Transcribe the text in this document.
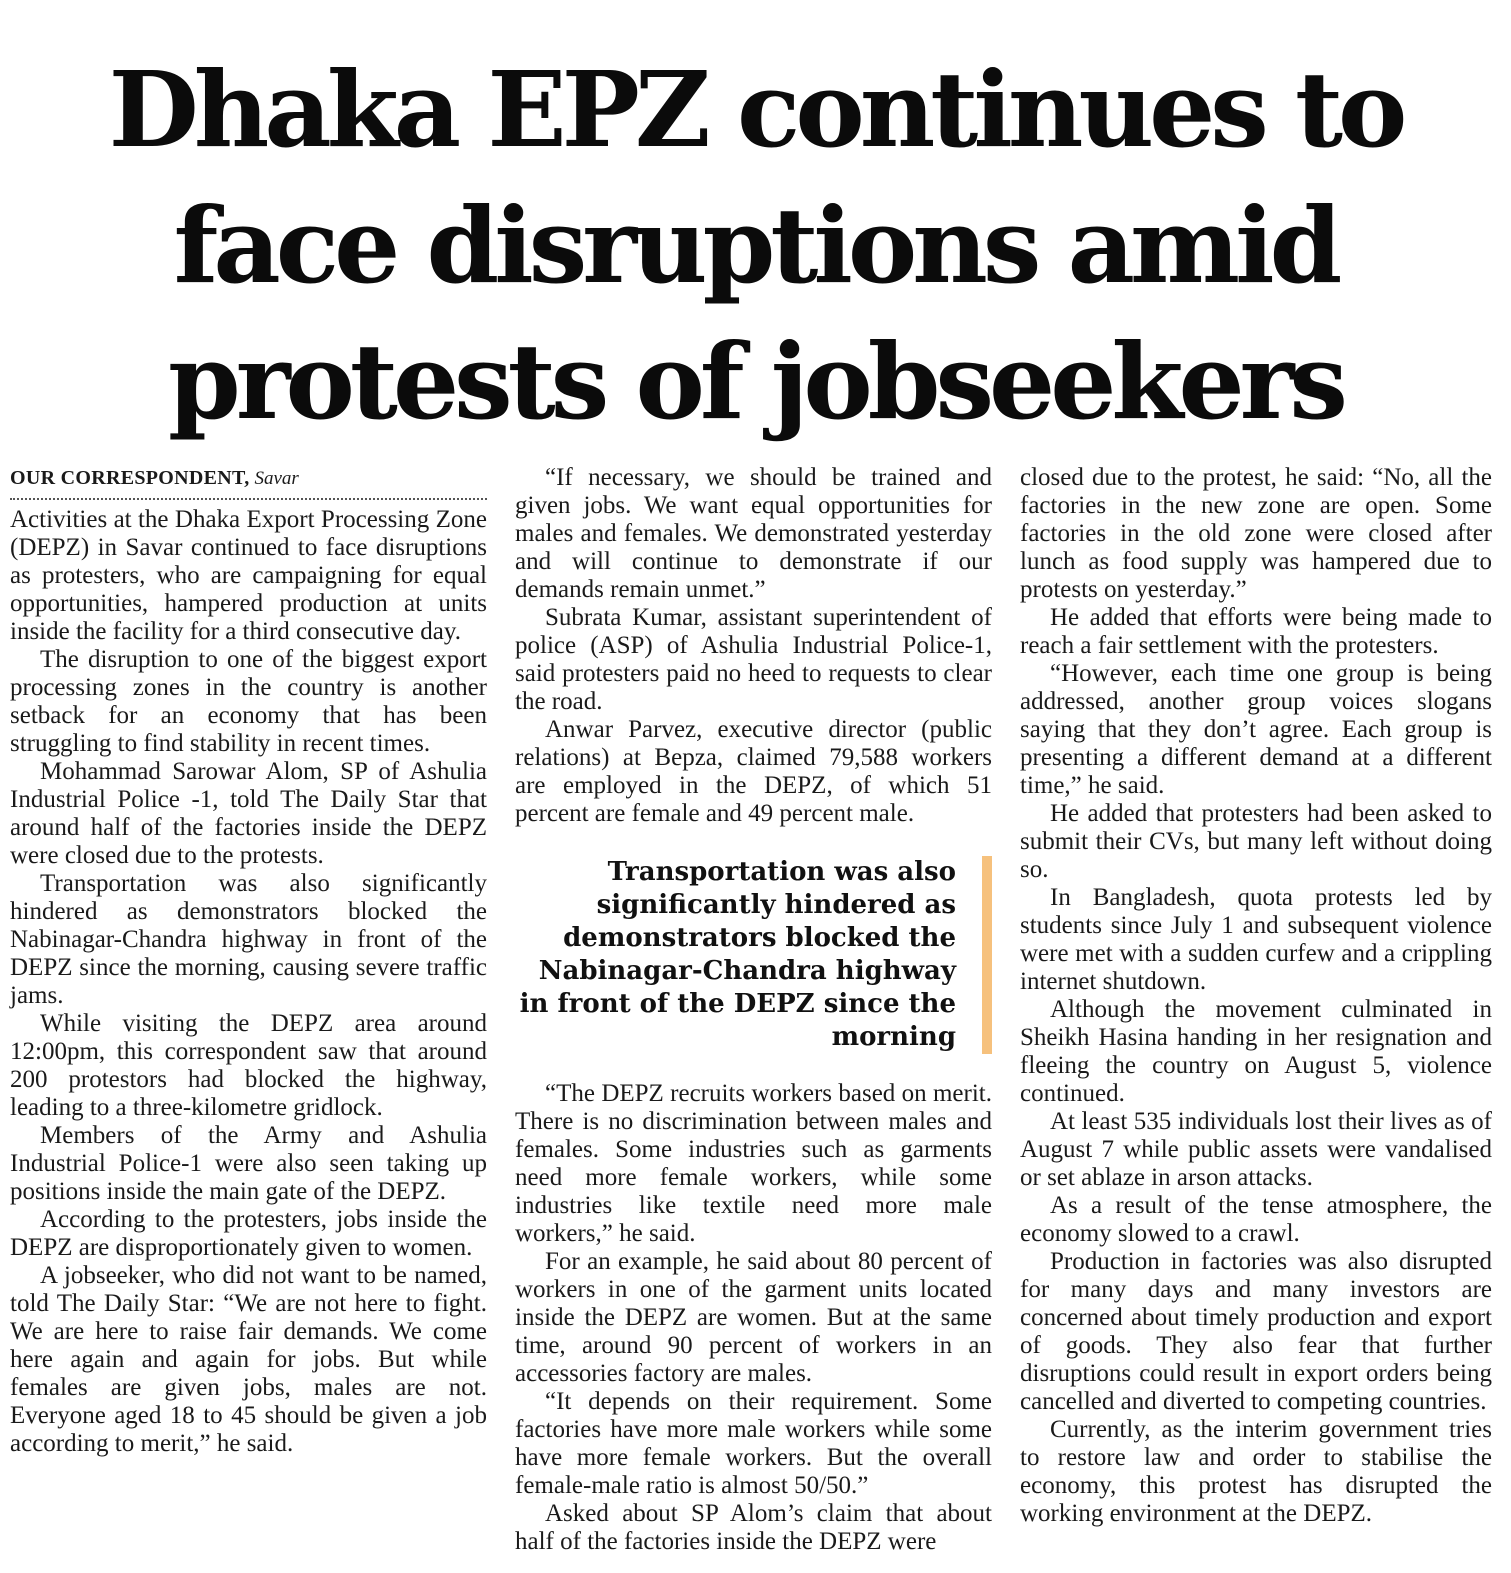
Dhaka EPZ continues to face disruptions amid protests of jobseekers
OUR CORRESPONDENT, Savar

Activities at the Dhaka Export Processing Zone (DEPZ) in Savar continued to face disruptions as protesters, who are campaigning for equal opportunities, hampered production at units inside the facility for a third consecutive day.

The disruption to one of the biggest export processing zones in the country is another setback for an economy that has been struggling to find stability in recent times.

Mohammad Sarowar Alom, SP of Ashulia Industrial Police -1, told The Daily Star that around half of the factories inside the DEPZ were closed due to the protests.

Transportation was also significantly hindered as demonstrators blocked the Nabinagar-Chandra highway in front of the DEPZ since the morning, causing severe traffic jams.

While visiting the DEPZ area around 12:00pm, this correspondent saw that around 200 protestors had blocked the highway, leading to a three-kilometre gridlock.

Members of the Army and Ashulia Industrial Police-1 were also seen taking up positions inside the main gate of the DEPZ.

According to the protesters, jobs inside the DEPZ are disproportionately given to women.

A jobseeker, who did not want to be named, told The Daily Star: “We are not here to fight. We are here to raise fair demands. We come here again and again for jobs. But while females are given jobs, males are not. Everyone aged 18 to 45 should be given a job according to merit,” he said.

“If necessary, we should be trained and given jobs. We want equal opportunities for males and females. We demonstrated yesterday and will continue to demonstrate if our demands remain unmet.”

Subrata Kumar, assistant superintendent of police (ASP) of Ashulia Industrial Police-1, said protesters paid no heed to requests to clear the road.

Anwar Parvez, executive director (public relations) at Bepza, claimed 79,588 workers are employed in the DEPZ, of which 51 percent are female and 49 percent male.

Transportation was also significantly hindered as demonstrators blocked the Nabinagar-Chandra highway in front of the DEPZ since the morning

“The DEPZ recruits workers based on merit. There is no discrimination between males and females. Some industries such as garments need more female workers, while some industries like textile need more male workers,” he said.

For an example, he said about 80 percent of workers in one of the garment units located inside the DEPZ are women. But at the same time, around 90 percent of workers in an accessories factory are males.

“It depends on their requirement. Some factories have more male workers while some have more female workers. But the overall female-male ratio is almost 50/50.”

Asked about SP Alom’s claim that about half of the factories inside the DEPZ were

closed due to the protest, he said: “No, all the factories in the new zone are open. Some factories in the old zone were closed after lunch as food supply was hampered due to protests on yesterday.”

He added that efforts were being made to reach a fair settlement with the protesters.

“However, each time one group is being addressed, another group voices slogans saying that they don’t agree. Each group is presenting a different demand at a different time,” he said.

He added that protesters had been asked to submit their CVs, but many left without doing so.

In Bangladesh, quota protests led by students since July 1 and subsequent violence were met with a sudden curfew and a crippling internet shutdown.

Although the movement culminated in Sheikh Hasina handing in her resignation and fleeing the country on August 5, violence continued.

At least 535 individuals lost their lives as of August 7 while public assets were vandalised or set ablaze in arson attacks.

As a result of the tense atmosphere, the economy slowed to a crawl.

Production in factories was also disrupted for many days and many investors are concerned about timely production and export of goods. They also fear that further disruptions could result in export orders being cancelled and diverted to competing countries.

Currently, as the interim government tries to restore law and order to stabilise the economy, this protest has disrupted the working environment at the DEPZ.
